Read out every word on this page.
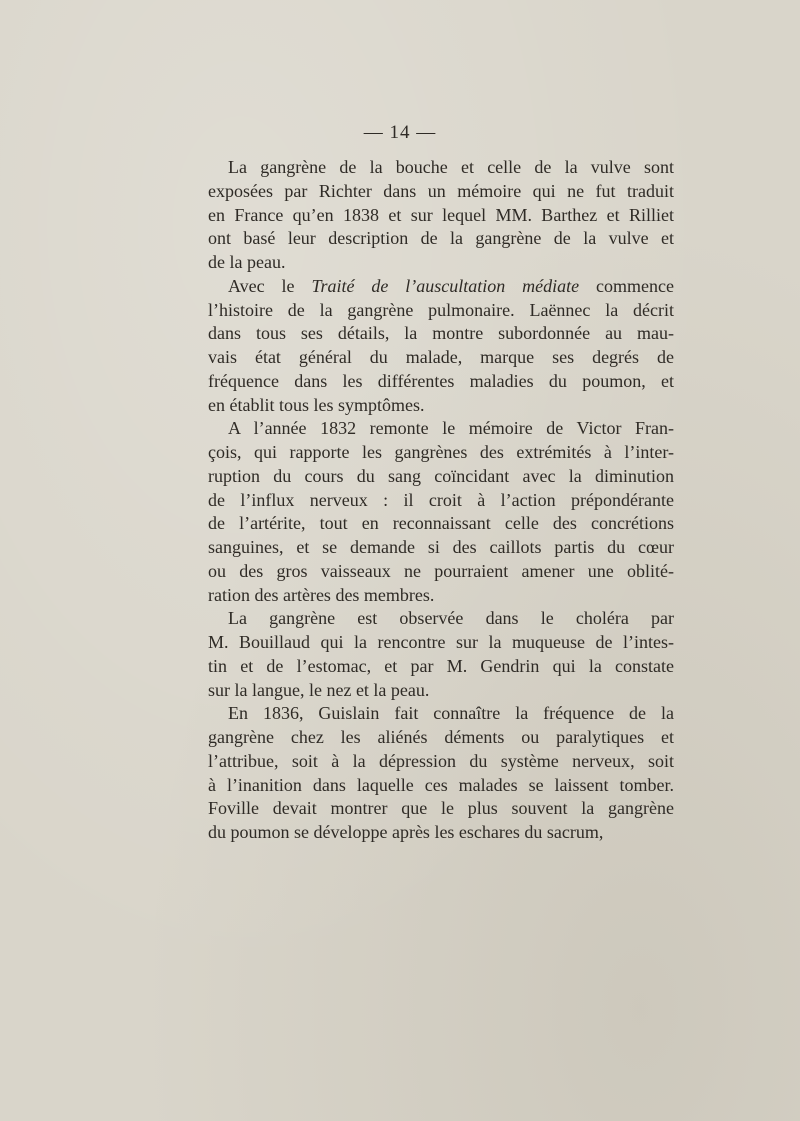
— 14 —
La gangrène de la bouche et celle de la vulve sont
exposées par Richter dans un mémoire qui ne fut traduit
en France qu’en 1838 et sur lequel MM. Barthez et Rilliet
ont basé leur description de la gangrène de la vulve et
de la peau.
Avec le Traité de l’auscultation médiate commence
l’histoire de la gangrène pulmonaire. Laënnec la décrit
dans tous ses détails, la montre subordonnée au mau-
vais état général du malade, marque ses degrés de
fréquence dans les différentes maladies du poumon, et
en établit tous les symptômes.
A l’année 1832 remonte le mémoire de Victor Fran-
çois, qui rapporte les gangrènes des extrémités à l’inter-
ruption du cours du sang coïncidant avec la diminution
de l’influx nerveux : il croit à l’action prépondérante
de l’artérite, tout en reconnaissant celle des concrétions
sanguines, et se demande si des caillots partis du cœur
ou des gros vaisseaux ne pourraient amener une oblité-
ration des artères des membres.
La gangrène est observée dans le choléra par
M. Bouillaud qui la rencontre sur la muqueuse de l’intes-
tin et de l’estomac, et par M. Gendrin qui la constate
sur la langue, le nez et la peau.
En 1836, Guislain fait connaître la fréquence de la
gangrène chez les aliénés déments ou paralytiques et
l’attribue, soit à la dépression du système nerveux, soit
à l’inanition dans laquelle ces malades se laissent tomber.
Foville devait montrer que le plus souvent la gangrène
du poumon se développe après les eschares du sacrum,
